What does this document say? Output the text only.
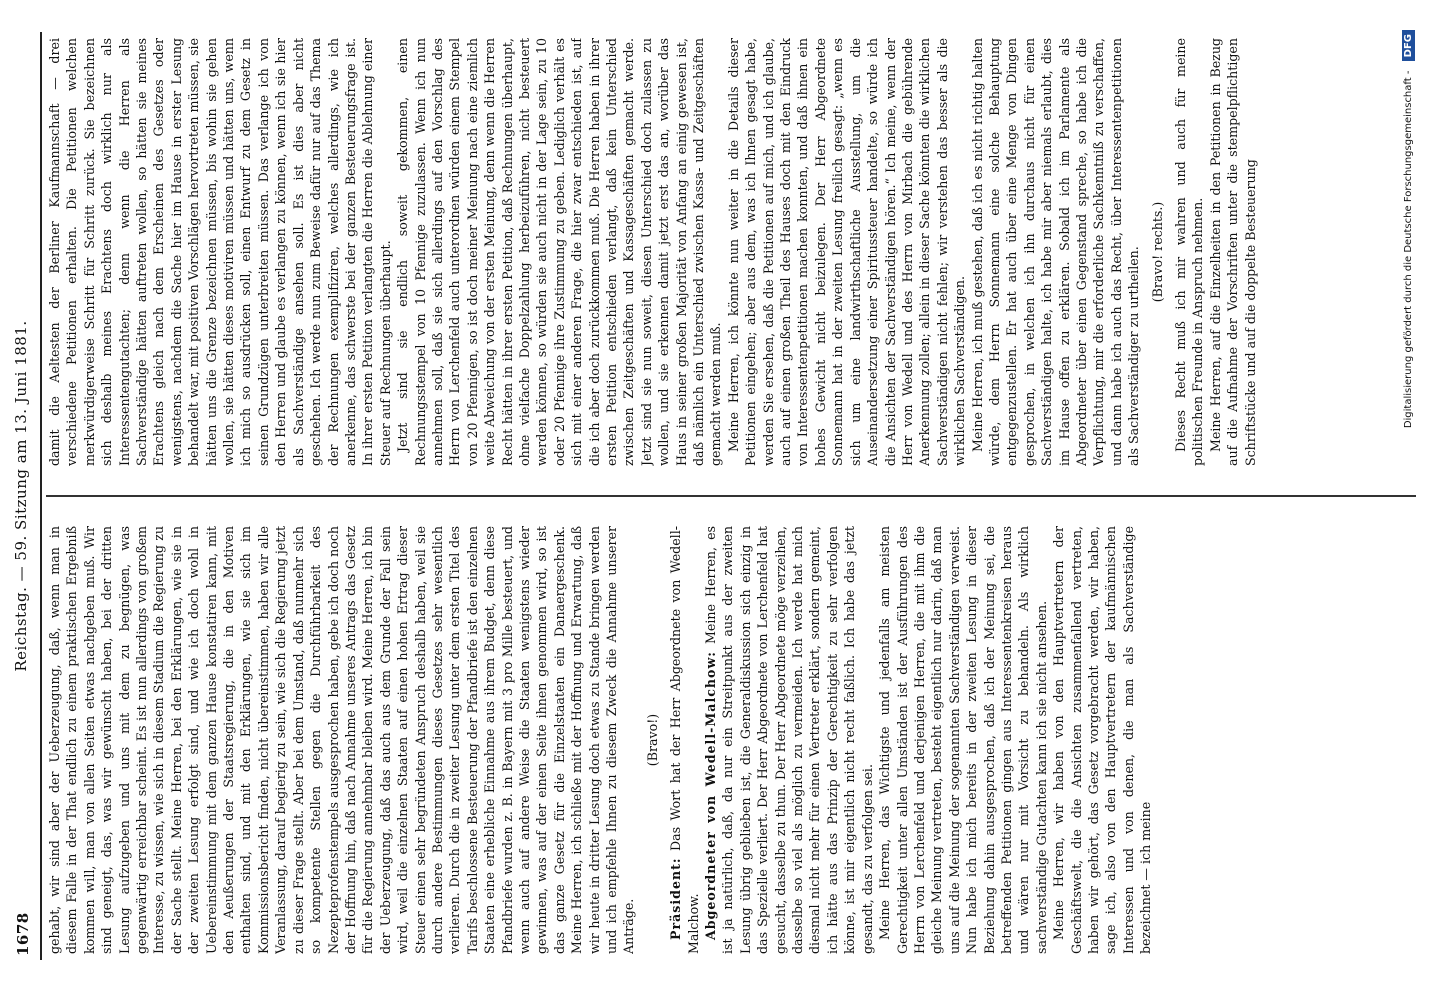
1678
Reichstag. — 59. Sitzung am 13. Juni 1881.

gehabt, wir sind aber der Ueberzeugung, daß, wenn man in diesem Falle in der That endlich zu einem praktischen Ergebniß kommen will, man von allen Seiten etwas nachgeben muß. Wir sind geneigt, das, was wir gewünscht haben, bei der dritten Lesung aufzugeben und uns mit dem zu begnügen, was gegenwärtig erreichbar scheint. Es ist nun allerdings von großem Interesse, zu wissen, wie sich in diesem Stadium die Regierung zu der Sache stellt. Meine Herren, bei den Erklärungen, wie sie in der zweiten Lesung erfolgt sind, und wie ich doch wohl in Uebereinstimmung mit dem ganzen Hause konstatiren kann, mit den Aeußerungen der Staatsregierung, die in den Motiven enthalten sind, und mit den Erklärungen, wie sie sich im Kommissionsbericht finden, nicht übereinstimmen, haben wir alle Veranlassung, darauf begierig zu sein, wie sich die Regierung jetzt zu dieser Frage stellt. Aber bei dem Umstand, daß nunmehr sich so kompetente Stellen gegen die Durchführbarkeit des Nezepteprofenstempels ausgesprochen haben, gebe ich doch noch der Hoffnung hin, daß nach Annahme unseres Antrags das Gesetz für die Regierung annehmbar bleiben wird. Meine Herren, ich bin der Ueberzeugung, daß das auch aus dem Grunde der Fall sein wird, weil die einzelnen Staaten auf einen hohen Ertrag dieser Steuer einen sehr begründeten Anspruch deshalb haben, weil sie durch andere Bestimmungen dieses Gesetzes sehr wesentlich verlieren. Durch die in zweiter Lesung unter dem ersten Titel des Tarifs beschlossene Besteuerung der Pfandbriefe ist den einzelnen Staaten eine erhebliche Einnahme aus ihrem Budget, denn diese Pfandbriefe wurden z. B. in Bayern mit 3 pro Mille besteuert, und wenn auch auf andere Weise die Staaten wenigstens wieder gewinnen, was auf der einen Seite ihnen genommen wird, so ist das ganze Gesetz für die Einzelstaaten ein Danaergeschenk. Meine Herren, ich schließe mit der Hoffnung und Erwartung, daß wir heute in dritter Lesung doch etwas zu Stande bringen werden und ich empfehle Ihnen zu diesem Zweck die Annahme unserer Anträge.

(Bravo!)

Präsident: Das Wort hat der Herr Abgeordnete von Wedell-Malchow. Abgeordneter von Wedell-Malchow: Meine Herren, es ist ja natürlich, daß, da nur ein Streitpunkt aus der zweiten Lesung übrig geblieben ist, die Generaldiskussion sich einzig in das Spezielle verliert. Der Herr Abgeordnete von Lerchenfeld hat gesucht, dasselbe zu thun. Der Herr Abgeordnete möge verzeihen, dasselbe so viel als möglich zu vermeiden. Ich werde hat mich diesmal nicht mehr für einen Vertreter erklärt, sondern gemeint, ich hätte aus das Prinzip der Gerechtigkeit zu sehr verfolgen könne, ist mir eigentlich nicht recht faßlich. Ich habe das jetzt gesandt, das zu verfolgen sei. Meine Herren, das Wichtigste und jedenfalls am meisten Gerechtigkeit unter allen Umständen ist der Ausführungen des Herrn von Lerchenfeld und derjenigen Herren, die mit ihm die gleiche Meinung vertreten, besteht eigentlich nur darin, daß man uns auf die Meinung der sogenannten Sachverständigen verweist. Nun habe ich mich bereits in der zweiten Lesung in dieser Beziehung dahin ausgesprochen, daß ich der Meinung sei, die betreffenden Petitionen gingen aus Interessentenkreisen heraus und wären nur mit Vorsicht zu behandeln. Als wirklich sachverständige Gutachten kann ich sie nicht ansehen. Meine Herren, wir haben von den Hauptvertretern der Geschäftswelt, die die Ansichten zusammenfallend vertreten, haben wir gehört, das Gesetz vorgebracht werden, wir haben, sage ich, also von den Hauptvertretern der kaufmännischen Interessen und von denen, die man als Sachverständige bezeichnet — ich meine

damit die Aeltesten der Berliner Kaufmannschaft — drei verschiedene Petitionen erhalten. Die Petitionen welchen merkwürdigerweise Schritt für Schritt zurück. Sie bezeichnen sich deshalb meines Erachtens doch wirklich nur als Interessentengutachten; denn wenn die Herren als Sachverständige hätten auftreten wollen, so hätten sie meines Erachtens gleich nach dem Erscheinen des Gesetzes oder wenigstens, nachdem die Sache hier im Hause in erster Lesung behandelt war, mit positiven Vorschlägen hervortreten müssen, sie hätten uns die Grenze bezeichnen müssen, bis wohin sie gehen wollen, sie hätten dieses motiviren müssen und hätten uns, wenn ich mich so ausdrücken soll, einen Entwurf zu dem Gesetz in seinen Grundzügen unterbreiten müssen. Das verlange ich von den Herren und glaube es verlangen zu können, wenn ich sie hier als Sachverständige ansehen soll. Es ist dies aber nicht geschehen. Ich werde nun zum Beweise dafür nur auf das Thema der Rechnungen exemplifiziren, welches allerdings, wie ich anerkenne, das schwerste bei der ganzen Besteuerungsfrage ist. In ihrer ersten Petition verlangten die Herren die Ablehnung einer Steuer auf Rechnungen überhaupt. Jetzt sind sie endlich soweit gekommen, einen Rechnungsstempel von 10 Pfennige zuzulassen. Wenn ich nun annehmen soll, daß sie sich allerdings auf den Vorschlag des Herrn von Lerchenfeld auch unterordnen würden einem Stempel von 20 Pfennigen, so ist doch meiner Meinung nach eine ziemlich weite Abweichung von der ersten Meinung, denn wenn die Herren Recht hätten in ihrer ersten Petition, daß Rechnungen überhaupt, ohne vielfache Doppelzahlung herbeizuführen, nicht besteuert werden können, so würden sie auch nicht in der Lage sein, zu 10 oder 20 Pfennige ihre Zustimmung zu geben. Lediglich verhält es sich mit einer anderen Frage, die hier zwar entschieden ist, auf die ich aber doch zurückkommen muß. Die Herren haben in ihrer ersten Petition entschieden verlangt, daß kein Unterschied zwischen Zeitgeschäften und Kassageschäften gemacht werde. Jetzt sind sie nun soweit, diesen Unterschied doch zulassen zu wollen, und sie erkennen damit jetzt erst das an, worüber das Haus in seiner großen Majorität von Anfang an einig gewesen ist, daß nämlich ein Unterschied zwischen Kassa- und Zeitgeschäften gemacht werden muß. Meine Herren, ich könnte nun weiter in die Details dieser Petitionen eingehen; aber aus dem, was ich Ihnen gesagt habe, werden Sie ersehen, daß die Petitionen auf mich, und ich glaube, auch auf einen großen Theil des Hauses doch mit den Eindruck von Interessentenpetitionen machen konnten, und daß ihnen ein hohes Gewicht nicht beizulegen. Der Herr Abgeordnete Sonnemann hat in der zweiten Lesung freilich gesagt: „wenn es sich um eine landwirthschaftliche Ausstellung, um die Auseinandersetzung einer Spiritussteuer handelte, so würde ich die Ansichten der Sachverständigen hören.“ Ich meine, wenn der Herr von Wedell und des Herrn von Mirbach die gebührende Anerkennung zollen; allein in dieser Sache könnten die wirklichen Sachverständigen nicht fehlen; wir verstehen das besser als die wirklichen Sachverständigen. Meine Herren, ich muß gestehen, daß ich es nicht richtig halten würde, dem Herrn Sonnemann eine solche Behauptung entgegenzustellen. Er hat auch über eine Menge von Dingen gesprochen, in welchen ich ihn durchaus nicht für einen Sachverständigen halte, ich habe mir aber niemals erlaubt, dies im Hause offen zu erklären. Sobald ich im Parlamente als Abgeordneter über einen Gegenstand spreche, so habe ich die Verpflichtung, mir die erforderliche Sachkenntniß zu verschaffen, und dann habe ich auch das Recht, über Interessentenpetitionen als Sachverständiger zu urtheilen. (Bravo! rechts.) Dieses Recht muß ich mir wahren und auch für meine politischen Freunde in Anspruch nehmen. Meine Herren, auf die Einzelheiten in den Petitionen in Bezug auf die Aufnahme der Vorschriften unter die stempelpflichtigen Schriftstücke und auf die doppelte Besteuerung	Digitalisierung gefördert durch die Deutsche Forschungsgemeinschaft - DFG
